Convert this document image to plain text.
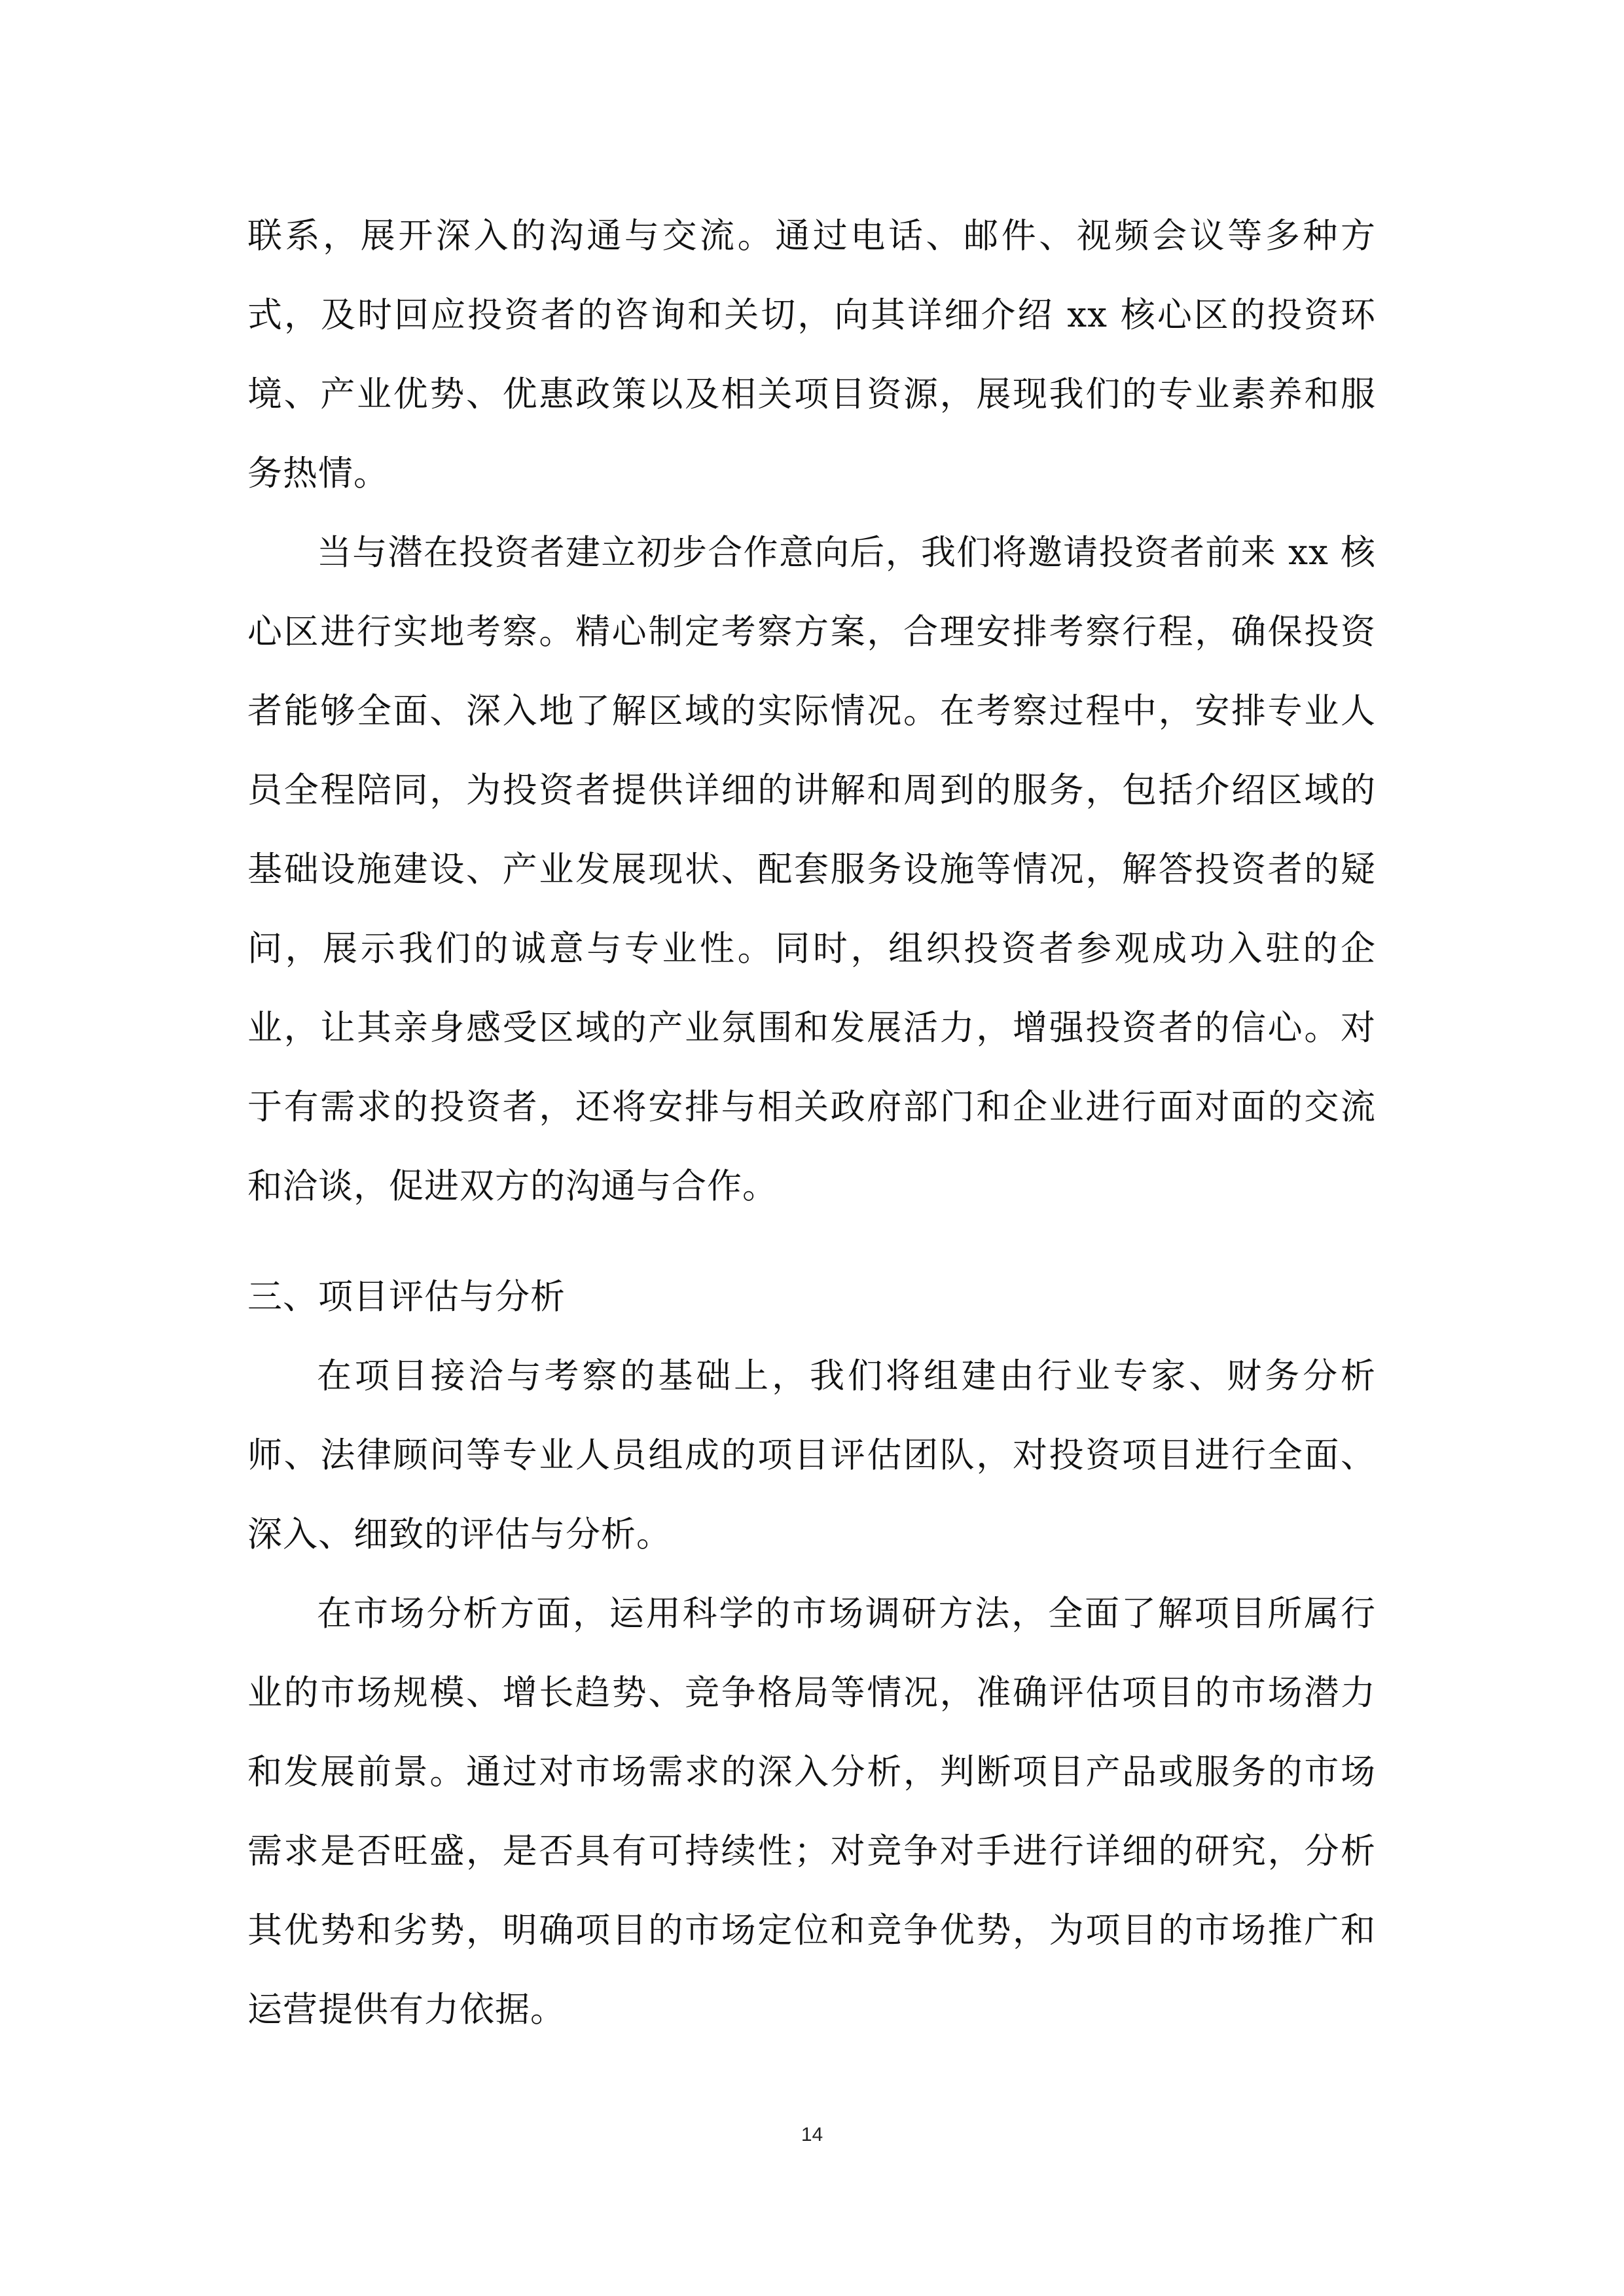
联系，展开深入的沟通与交流。通过电话、邮件、视频会议等多种方式，及时回应投资者的咨询和关切，向其详细介绍 xx 核心区的投资环境、产业优势、优惠政策以及相关项目资源，展现我们的专业素养和服务热情。

当与潜在投资者建立初步合作意向后，我们将邀请投资者前来 xx 核心区进行实地考察。精心制定考察方案，合理安排考察行程，确保投资者能够全面、深入地了解区域的实际情况。在考察过程中，安排专业人员全程陪同，为投资者提供详细的讲解和周到的服务，包括介绍区域的基础设施建设、产业发展现状、配套服务设施等情况，解答投资者的疑问，展示我们的诚意与专业性。同时，组织投资者参观成功入驻的企业，让其亲身感受区域的产业氛围和发展活力，增强投资者的信心。对于有需求的投资者，还将安排与相关政府部门和企业进行面对面的交流和洽谈，促进双方的沟通与合作。

三、项目评估与分析

在项目接洽与考察的基础上，我们将组建由行业专家、财务分析师、法律顾问等专业人员组成的项目评估团队，对投资项目进行全面、深入、细致的评估与分析。

在市场分析方面，运用科学的市场调研方法，全面了解项目所属行业的市场规模、增长趋势、竞争格局等情况，准确评估项目的市场潜力和发展前景。通过对市场需求的深入分析，判断项目产品或服务的市场需求是否旺盛，是否具有可持续性；对竞争对手进行详细的研究，分析其优势和劣势，明确项目的市场定位和竞争优势，为项目的市场推广和运营提供有力依据。

14
